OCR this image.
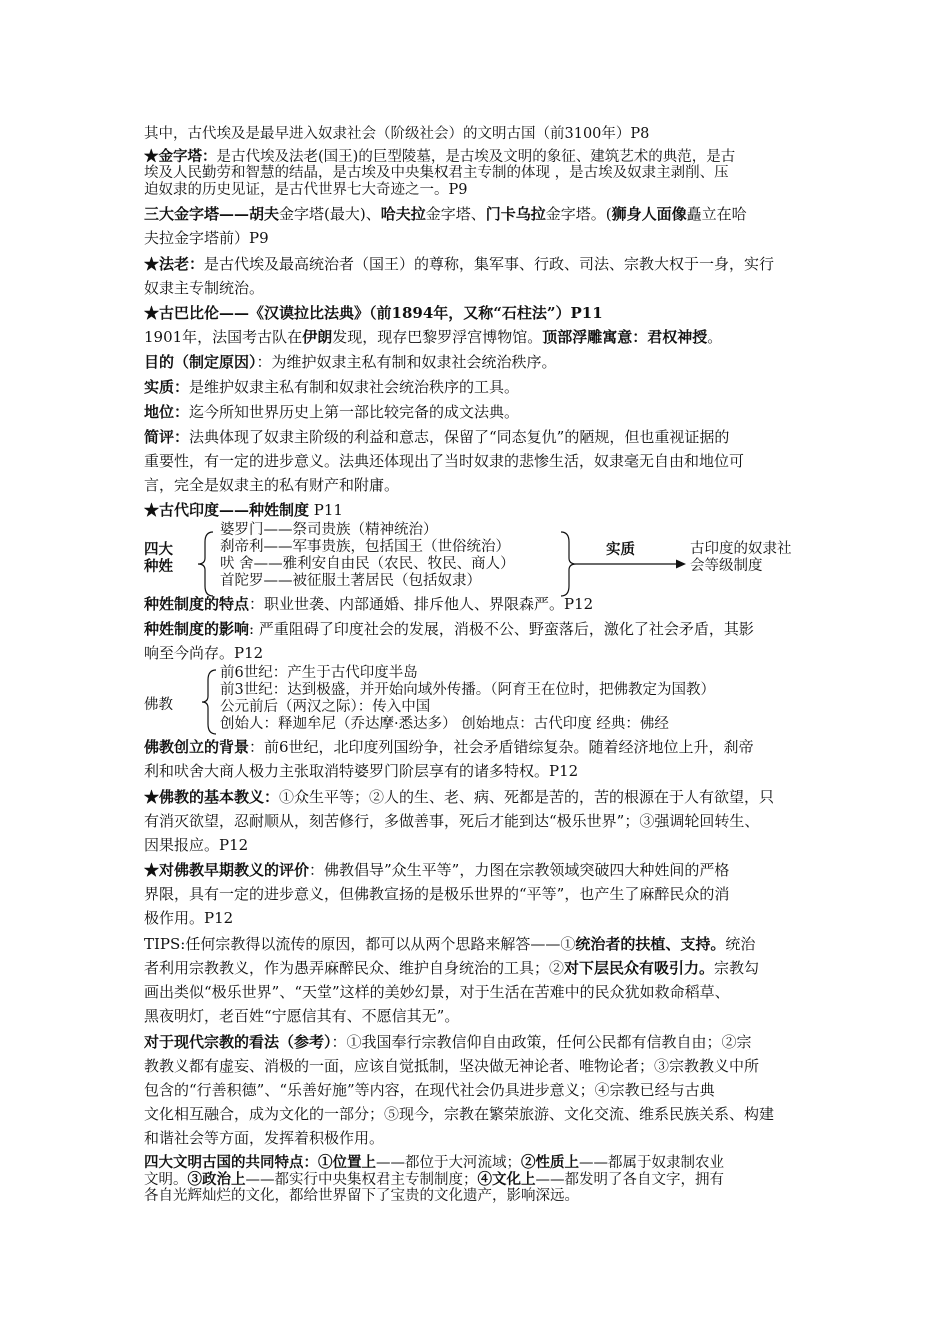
其中，古代埃及是最早进入奴隶社会（阶级社会）的文明古国（前3100年）P8
★金字塔：是古代埃及法老(国王)的巨型陵墓，是古埃及文明的象征、建筑艺术的典范，是古
埃及人民勤劳和智慧的结晶，是古埃及中央集权君主专制的体现 ，是古埃及奴隶主剥削、压
迫奴隶的历史见证，是古代世界七大奇迹之一。P9
三大金字塔——胡夫金字塔(最大)、哈夫拉金字塔、门卡乌拉金字塔。(狮身人面像矗立在哈
夫拉金字塔前）P9
★法老：是古代埃及最高统治者（国王）的尊称，集军事、行政、司法、宗教大权于一身，实行
奴隶主专制统治。
★古巴比伦——《汉谟拉比法典》（前1894年，又称“石柱法”）P11
1901年，法国考古队在伊朗发现，现存巴黎罗浮宫博物馆。顶部浮雕寓意：君权神授。
目的（制定原因）：为维护奴隶主私有制和奴隶社会统治秩序。
实质：是维护奴隶主私有制和奴隶社会统治秩序的工具。
地位：迄今所知世界历史上第一部比较完备的成文法典。
简评：法典体现了奴隶主阶级的利益和意志，保留了“同态复仇”的陋规，但也重视证据的
重要性，有一定的进步意义。法典还体现出了当时奴隶的悲惨生活，奴隶毫无自由和地位可
言，完全是奴隶主的私有财产和附庸。
★古代印度——种姓制度 P11
四大
种姓
婆罗门——祭司贵族（精神统治）
刹帝利——军事贵族，包括国王（世俗统治）
吠 舍——雅利安自由民（农民、牧民、商人）
首陀罗——被征服土著居民（包括奴隶）
实质	古印度的奴隶社
会等级制度
种姓制度的特点：职业世袭、内部通婚、排斥他人、界限森严。P12
种姓制度的影响: 严重阻碍了印度社会的发展，消极不公、野蛮落后，激化了社会矛盾，其影
响至今尚存。P12
佛教
前6世纪：产生于古代印度半岛
前3世纪：达到极盛，并开始向域外传播。（阿育王在位时，把佛教定为国教）
公元前后（两汉之际）：传入中国
创始人：释迦牟尼（乔达摩·悉达多） 创始地点：古代印度 经典：佛经
佛教创立的背景：前6世纪，北印度列国纷争，社会矛盾错综复杂。随着经济地位上升，刹帝
利和吠舍大商人极力主张取消特婆罗门阶层享有的诸多特权。P12
★佛教的基本教义：①众生平等；②人的生、老、病、死都是苦的，苦的根源在于人有欲望，只
有消灭欲望，忍耐顺从，刻苦修行，多做善事，死后才能到达“极乐世界”；③强调轮回转生、
因果报应。P12
★对佛教早期教义的评价：佛教倡导”众生平等”，力图在宗教领域突破四大种姓间的严格
界限，具有一定的进步意义，但佛教宣扬的是极乐世界的“平等”，也产生了麻醉民众的消
极作用。P12
TIPS:任何宗教得以流传的原因，都可以从两个思路来解答——①统治者的扶植、支持。统治
者利用宗教教义，作为愚弄麻醉民众、维护自身统治的工具；②对下层民众有吸引力。宗教勾
画出类似“极乐世界”、“天堂”这样的美妙幻景，对于生活在苦难中的民众犹如救命稻草、
黑夜明灯，老百姓“宁愿信其有、不愿信其无”。
对于现代宗教的看法（参考）：①我国奉行宗教信仰自由政策，任何公民都有信教自由；②宗
教教义都有虚妄、消极的一面，应该自觉抵制，坚决做无神论者、唯物论者；③宗教教义中所
包含的“行善积德”、“乐善好施”等内容，在现代社会仍具进步意义；④宗教已经与古典
文化相互融合，成为文化的一部分；⑤现今，宗教在繁荣旅游、文化交流、维系民族关系、构建
和谐社会等方面，发挥着积极作用。
四大文明古国的共同特点：①位置上——都位于大河流域；②性质上——都属于奴隶制农业
文明。③政治上——都实行中央集权君主专制制度；④文化上——都发明了各自文字，拥有
各自光辉灿烂的文化，都给世界留下了宝贵的文化遗产，影响深远。
